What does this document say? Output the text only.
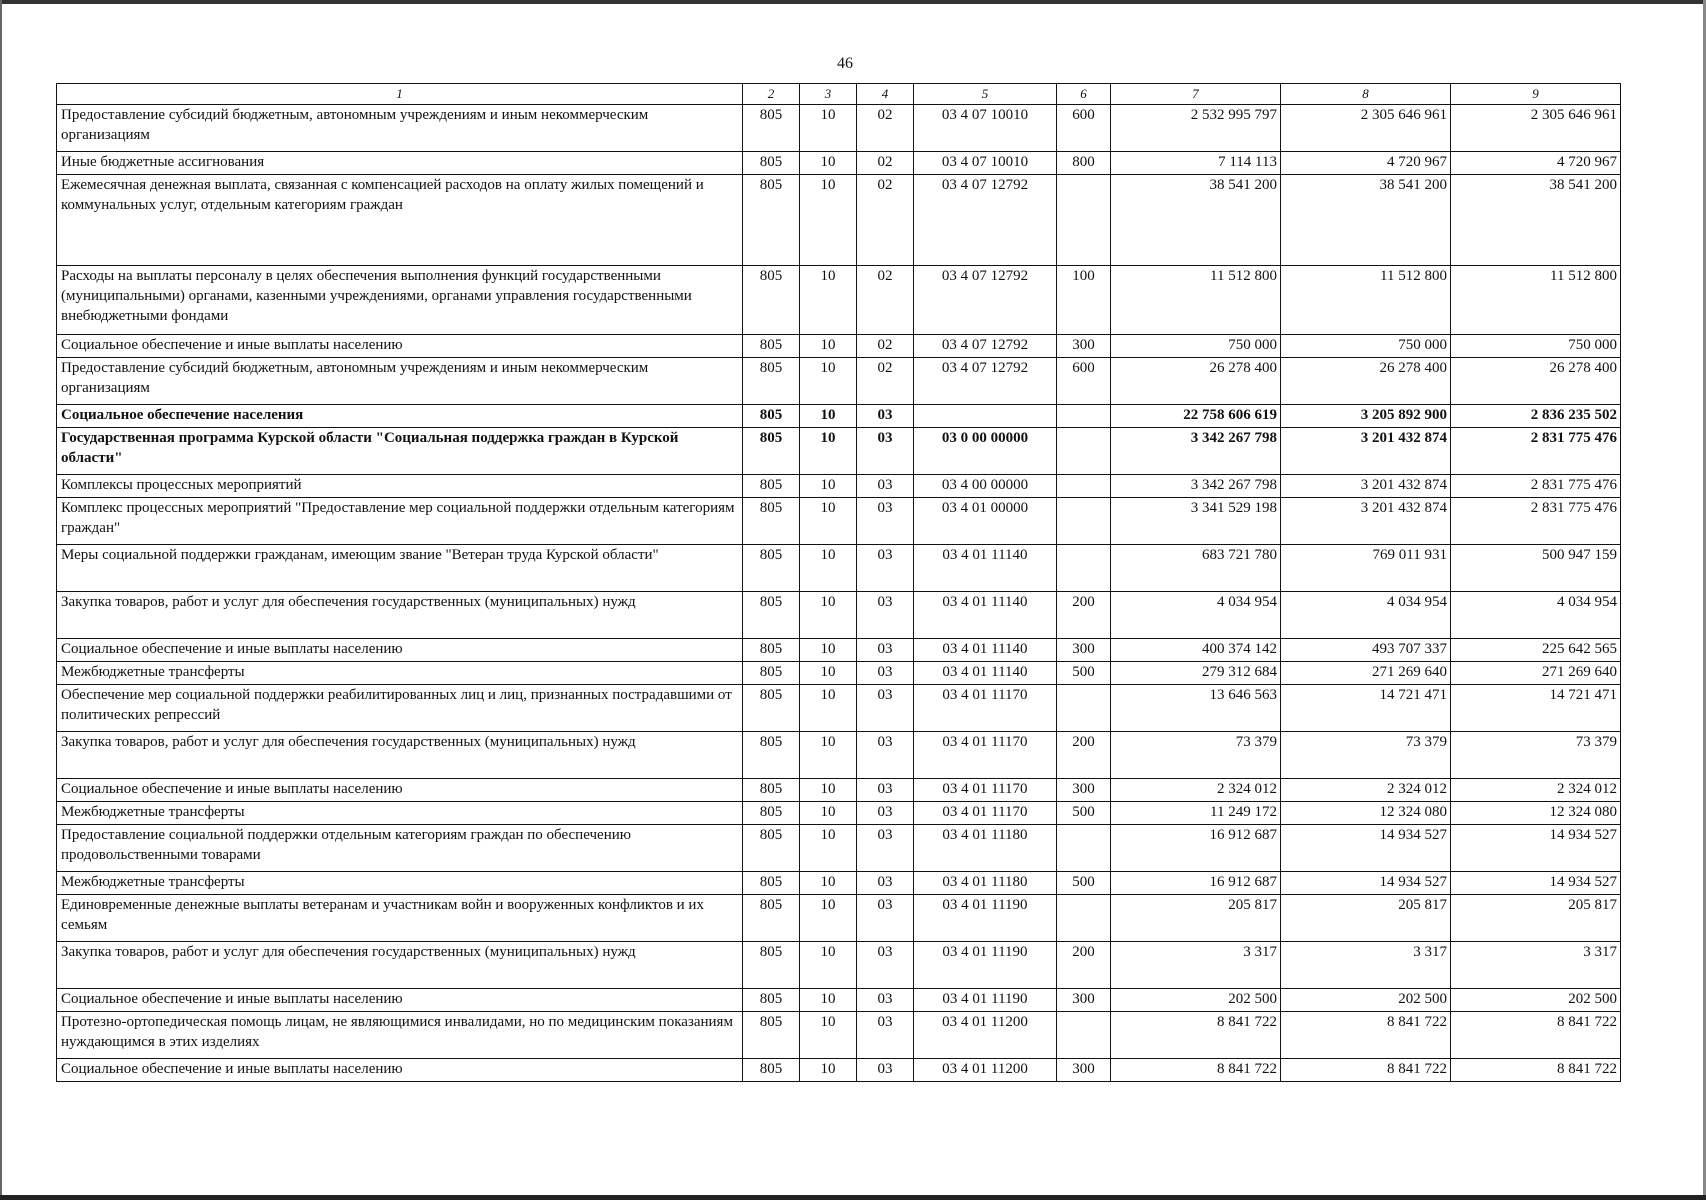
46
1	2	3	4	5	6	7	8	9
Предоставление субсидий бюджетным, автономным учреждениям и иным некоммерческим организациям	805	10	02	03 4 07 10010	600	2 532 995 797	2 305 646 961	2 305 646 961
Иные бюджетные ассигнования	805	10	02	03 4 07 10010	800	7 114 113	4 720 967	4 720 967
Ежемесячная денежная выплата, связанная с компенсацией расходов на оплату жилых помещений и коммунальных услуг, отдельным категориям граждан	805	10	02	03 4 07 12792		38 541 200	38 541 200	38 541 200
Расходы на выплаты персоналу в целях обеспечения выполнения функций государственными (муниципальными) органами, казенными учреждениями, органами управления государственными внебюджетными фондами	805	10	02	03 4 07 12792	100	11 512 800	11 512 800	11 512 800
Социальное обеспечение и иные выплаты населению	805	10	02	03 4 07 12792	300	750 000	750 000	750 000
Предоставление субсидий бюджетным, автономным учреждениям и иным некоммерческим организациям	805	10	02	03 4 07 12792	600	26 278 400	26 278 400	26 278 400
Социальное обеспечение населения	805	10	03			22 758 606 619	3 205 892 900	2 836 235 502
Государственная программа Курской области "Социальная поддержка граждан в Курской области"	805	10	03	03 0 00 00000		3 342 267 798	3 201 432 874	2 831 775 476
Комплексы процессных мероприятий	805	10	03	03 4 00 00000		3 342 267 798	3 201 432 874	2 831 775 476
Комплекс процессных мероприятий "Предоставление мер социальной поддержки отдельным категориям граждан"	805	10	03	03 4 01 00000		3 341 529 198	3 201 432 874	2 831 775 476
Меры социальной поддержки гражданам, имеющим звание "Ветеран труда Курской области"	805	10	03	03 4 01 11140		683 721 780	769 011 931	500 947 159
Закупка товаров, работ и услуг для обеспечения государственных (муниципальных) нужд	805	10	03	03 4 01 11140	200	4 034 954	4 034 954	4 034 954
Социальное обеспечение и иные выплаты населению	805	10	03	03 4 01 11140	300	400 374 142	493 707 337	225 642 565
Межбюджетные трансферты	805	10	03	03 4 01 11140	500	279 312 684	271 269 640	271 269 640
Обеспечение мер социальной поддержки реабилитированных лиц и лиц, признанных пострадавшими от политических репрессий	805	10	03	03 4 01 11170		13 646 563	14 721 471	14 721 471
Закупка товаров, работ и услуг для обеспечения государственных (муниципальных) нужд	805	10	03	03 4 01 11170	200	73 379	73 379	73 379
Социальное обеспечение и иные выплаты населению	805	10	03	03 4 01 11170	300	2 324 012	2 324 012	2 324 012
Межбюджетные трансферты	805	10	03	03 4 01 11170	500	11 249 172	12 324 080	12 324 080
Предоставление социальной поддержки отдельным категориям граждан по обеспечению продовольственными товарами	805	10	03	03 4 01 11180		16 912 687	14 934 527	14 934 527
Межбюджетные трансферты	805	10	03	03 4 01 11180	500	16 912 687	14 934 527	14 934 527
Единовременные денежные выплаты ветеранам и участникам войн и вооруженных конфликтов и их семьям	805	10	03	03 4 01 11190		205 817	205 817	205 817
Закупка товаров, работ и услуг для обеспечения государственных (муниципальных) нужд	805	10	03	03 4 01 11190	200	3 317	3 317	3 317
Социальное обеспечение и иные выплаты населению	805	10	03	03 4 01 11190	300	202 500	202 500	202 500
Протезно-ортопедическая помощь лицам, не являющимися инвалидами, но по медицинским показаниям нуждающимся в этих изделиях	805	10	03	03 4 01 11200		8 841 722	8 841 722	8 841 722
Социальное обеспечение и иные выплаты населению	805	10	03	03 4 01 11200	300	8 841 722	8 841 722	8 841 722
